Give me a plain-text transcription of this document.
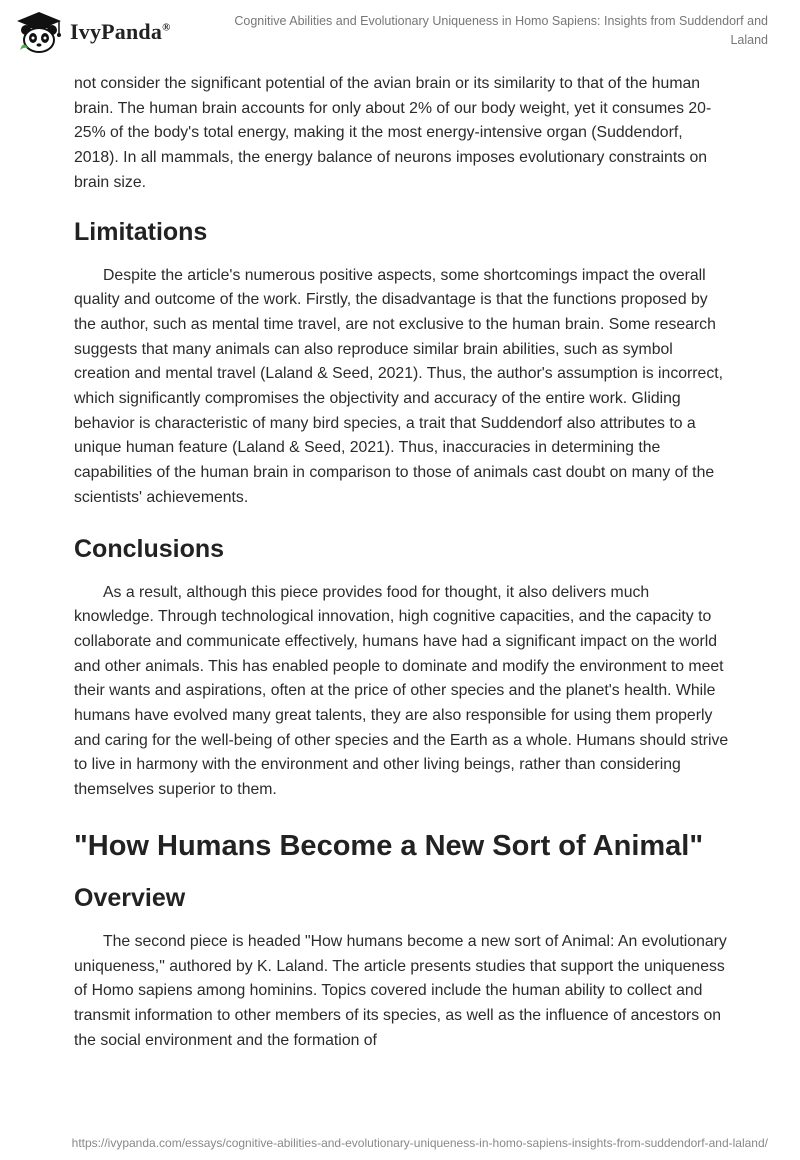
IvyPanda®	Cognitive Abilities and Evolutionary Uniqueness in Homo Sapiens: Insights from Suddendorf and Laland

not consider the significant potential of the avian brain or its similarity to that of the human brain. The human brain accounts for only about 2% of our body weight, yet it consumes 20-25% of the body's total energy, making it the most energy-intensive organ (Suddendorf, 2018). In all mammals, the energy balance of neurons imposes evolutionary constraints on brain size.

Limitations

Despite the article's numerous positive aspects, some shortcomings impact the overall quality and outcome of the work. Firstly, the disadvantage is that the functions proposed by the author, such as mental time travel, are not exclusive to the human brain. Some research suggests that many animals can also reproduce similar brain abilities, such as symbol creation and mental travel (Laland & Seed, 2021). Thus, the author's assumption is incorrect, which significantly compromises the objectivity and accuracy of the entire work. Gliding behavior is characteristic of many bird species, a trait that Suddendorf also attributes to a unique human feature (Laland & Seed, 2021). Thus, inaccuracies in determining the capabilities of the human brain in comparison to those of animals cast doubt on many of the scientists' achievements.

Conclusions

As a result, although this piece provides food for thought, it also delivers much knowledge. Through technological innovation, high cognitive capacities, and the capacity to collaborate and communicate effectively, humans have had a significant impact on the world and other animals. This has enabled people to dominate and modify the environment to meet their wants and aspirations, often at the price of other species and the planet's health. While humans have evolved many great talents, they are also responsible for using them properly and caring for the well-being of other species and the Earth as a whole. Humans should strive to live in harmony with the environment and other living beings, rather than considering themselves superior to them.

"How Humans Become a New Sort of Animal"
Overview

The second piece is headed "How humans become a new sort of Animal: An evolutionary uniqueness," authored by K. Laland. The article presents studies that support the uniqueness of Homo sapiens among hominins. Topics covered include the human ability to collect and transmit information to other members of its species, as well as the influence of ancestors on the social environment and the formation of

https://ivypanda.com/essays/cognitive-abilities-and-evolutionary-uniqueness-in-homo-sapiens-insights-from-suddendorf-and-laland/
